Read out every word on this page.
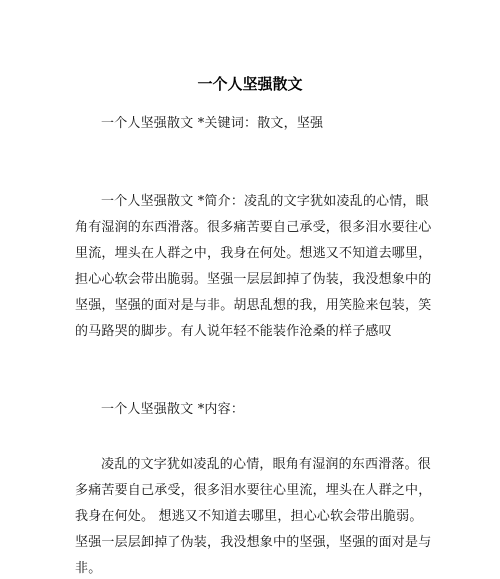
一个人坚强散文
一个人坚强散文 *关键词：散文，坚强
一个人坚强散文 *简介：凌乱的文字犹如凌乱的心情，眼
角有湿润的东西滑落。很多痛苦要自己承受，很多泪水要往心
里流，埋头在人群之中，我身在何处。想逃又不知道去哪里，
担心心软会带出脆弱。坚强一层层卸掉了伪装，我没想象中的
坚强，坚强的面对是与非。胡思乱想的我，用笑脸来包装，笑
的马路哭的脚步。有人说年轻不能装作沧桑的样子感叹
一个人坚强散文 *内容：
凌乱的文字犹如凌乱的心情，眼角有湿润的东西滑落。很
多痛苦要自己承受，很多泪水要往心里流，埋头在人群之中，
我身在何处。 想逃又不知道去哪里，担心心软会带出脆弱。
坚强一层层卸掉了伪装，我没想象中的坚强，坚强的面对是与
非。
